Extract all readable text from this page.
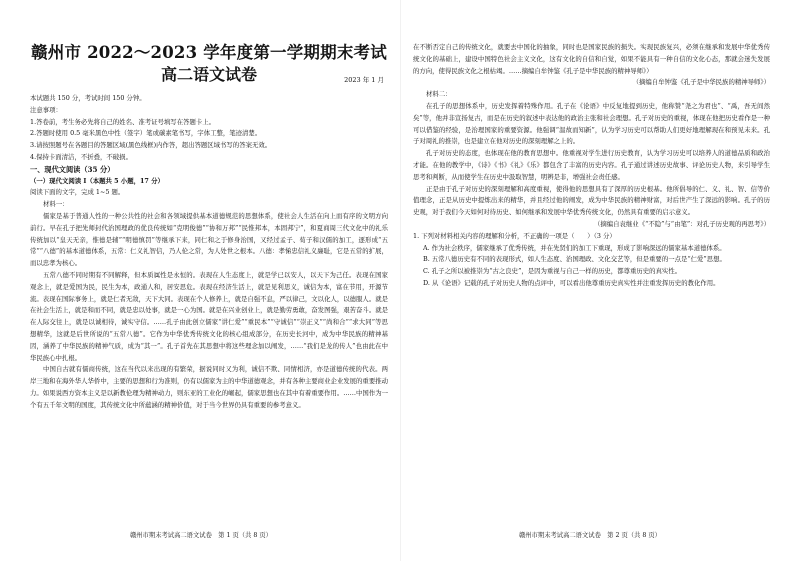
赣州市 2022～2023 学年度第一学期期末考试
高二语文试卷	2023 年 1 月

本试题共 150 分，考试时间 150 分钟。

注意事项：

1.答卷前，考生务必先将自己的姓名、准考证号填写在答题卡上。

2.答题时使用 0.5 毫米黑色中性（签字）笔或碳素笔书写，字体工整，笔迹清楚。

3.请按照题号在各题目的答题区域(黑色线框)内作答，超出答题区域书写的答案无效。

4.保持卡面清洁，不折叠，不破损。

一、现代文阅读（35 分）

（一）现代文阅读 I（本题共 5 小题，17 分）

阅读下面的文字，完成 1~5 题。

材料一：

儒家是基于普通人性的一种公共性的社会和各领域提供基本道德规范的思想体系，使社会人生活在向上而有序的文明方向前行。早在孔子把先师封代治国理政的优良传统如“克明俊德”“协和万邦”“民惟邦本，本固邦宁”，和夏商周三代文化中的礼乐传统加以“皇天无亲，惟德是辅”“明德慎罚”等继承下来，同仁和之于修身治国，又经过孟子、荀子和汉儒的加工，逐形成“五常”“八德”的基本道德体系，五常：仁义礼智信，乃人伦之常，为人处世之根本。八德：孝悌忠信礼义廉耻，它是五常的扩展，而以忠孝为核心。

五常八德不同时期有不同解释，但本质属性是永恒的。表现在人生态度上，就是学已以安人，以天下为己任。表现在国家观念上，就是爱国为民，民生为本，政通人和，居安思危。表现在经济生活上，就是见利思义，诚信为本，富在节用，开源节流。表现在国际事务上，就是仁者无敌，天下大同。表现在个人修养上，就是自强不息，严以律己，文以化人，以德服人。就是在社会生活上，就是和而不同，就是忠以处事，就是一心为国。就是在兴业创业上，就是勤劳勇敢，奋发图强，艰苦奋斗。就是在人际交往上，就是以诚相待，诚实守信。……孔子由此创立儒家“讲仁爱”“重民本”“守诚信”“崇正义”“尚和合”“求大同”等思想精华，这就是后世所说的“五常八德”。它作为中华优秀传统文化的核心组成部分，在历史长河中，成为中华民族的精神基因，涵养了中华民族的精神气质，成为“其一”。孔子首先在其思想中将这些理念加以阐发，……“我们是龙的传人”也由此在中华民族心中扎根。

中国自古就有儒商传统，这在当代以来出现的有繁荣，据说同时又为利，诚信不欺、同情相济，亦是道德传统的代表。两岸三地和在海外华人华侨中，主要的思想和行为准则，仍有以儒家为主的中华道德观念，并有各种主要商业企业发展的重要推动力。如果说西方资本主义是以新教伦理为精神动力，则东亚的工业化的崛起，儒家思想也在其中有着重要作用。……中国作为一个有五千年文明的国度，其传统文化中所蕴涵的精神价值，对于当今世界仍具有重要的参考意义。

在不断否定自己的传统文化，就要去中国化的抽象，同时也是国家民族的损失。实现民族复兴，必须在继承和发展中华优秀传统文化的基础上，建设中国特色社会主义文化，这有文化的自信和自觉，如果不能具有一种自信的文化心态，那就会迷失发展的方向，使得民族文化之根枯竭。……摘编自牟钟鉴《孔子是中华民族的精神导师》）

（摘编自牟钟鉴《孔子是中华民族的精神导师》）

材料二：

在孔子的思想体系中，历史发挥着特殊作用。孔子在《论语》中反复地提到历史，他称赞“尧之为君也”、“禹，吾无间然矣”等，他并非宣扬复古，而是在历史的叙述中表达他的政治主张和社会理想。孔子对历史的重视，体现在他把历史看作是一种可以借鉴的经验，是治理国家的重要资源。他强调“温故而知新”，认为学习历史可以帮助人们更好地理解现在和预见未来。孔子对周礼的推崇，也是建立在他对历史的深刻理解之上的。

孔子对历史的态度，也体现在他的教育思想中。他重视对学生进行历史教育，认为学习历史可以培养人的道德品质和政治才能。在他的教学中，《诗》《书》《礼》《乐》都包含了丰富的历史内容。孔子通过讲述历史故事、评论历史人物，来引导学生思考和判断，从而使学生在历史中汲取智慧，明辨是非，增强社会责任感。

正是由于孔子对历史的深刻理解和高度重视，使得他的思想具有了深厚的历史根基。他所倡导的仁、义、礼、智、信等价值理念，正是从历史中提炼出来的精华，并且经过他的阐发，成为中华民族的精神财富，对后世产生了深远的影响。孔子的历史观，对于我们今天如何对待历史、如何继承和发展中华优秀传统文化，仍然具有重要的启示意义。

（摘编自袁继业《“不隐”与“由笔”：对孔子历史观的再思考》）

1. 下列对材料相关内容的理解和分析，不正确的一项是（　　）（3 分）

A. 作为社会秩序，儒家继承了优秀传统，并在先贤们的加工下重现，形成了影响深远的儒家基本道德体系。

B. 五常八德历史有不同的表现形式，如人生态度、治国理政、文化交艺等，但是重要的一点是“仁爱”思想。

C. 孔子之所以被推崇为“古之良史”，是因为重视与自己一样的历史，都尊重历史的真实性。

D. 从《论语》记载的孔子对历史人物的点评中，可以看出他尊重历史真实性并注重发挥历史的教化作用。

赣州市期末考试高二语文试卷　第 1 页（共 8 页）	赣州市期末考试高二语文试卷　第 2 页（共 8 页）
